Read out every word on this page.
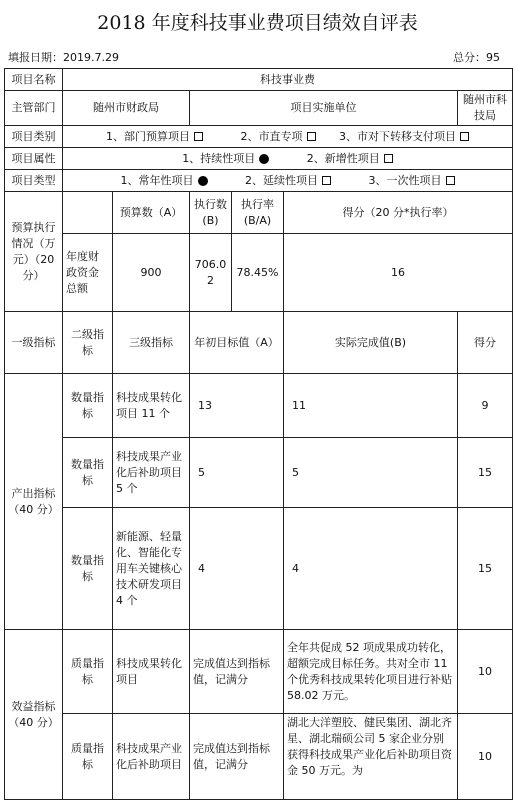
2018 年度科技事业费项目绩效自评表
填报日期：2019.7.29	总分：95
项目名称	科技事业费					
主管部门	随州市财政局		项目实施单位			随州市科技局
项目类别	1、部门预算项目 2、市直专项 3、市对下转移支付项目					
项目属性	1、持续性项目 2、新增性项目					
项目类型	1、常年性项目 2、延续性项目 3、一次性项目					
预算执行情况（万元）（20 分）		预算数（A）	执行数(B)	执行率(B/A)	得分（20 分*执行率）	
	年度财政资金总额	900	706.02	78.45%	16	
一级指标	二级指标	三级指标	年初目标值（A）		实际完成值(B)	得分
产出指标（40 分）	数量指标	科技成果转化项目 11 个	13		11	9
	数量指标	科技成果产业化后补助项目 5 个	5		5	15
	数量指标	新能源、轻量化、智能化专用车关键核心技术研发项目 4 个	4		4	15
效益指标（40 分）	质量指标	科技成果转化项目	完成值达到指标值，记满分		全年共促成 52 项成果成功转化，超额完成目标任务。共对全市 11 个优秀科技成果转化项目进行补贴 58.02 万元。	10
	质量指标	科技成果产业化后补助项目	完成值达到指标值，记满分		湖北大洋塑胶、健民集团、湖北齐星、湖北瑞硕公司 5 家企业分别获得科技成果产业化后补助项目资金 50 万元。为	10
